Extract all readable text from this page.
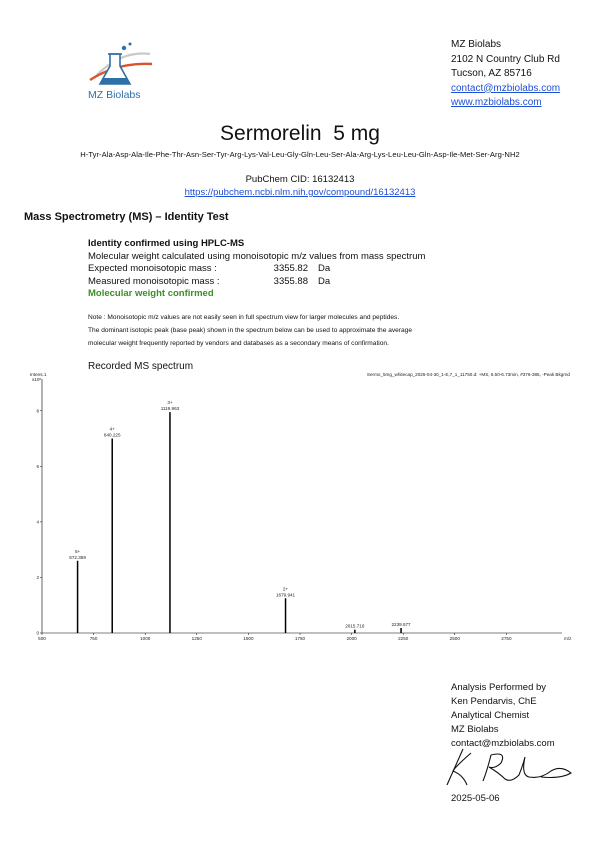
MZ Biolabs
MZ Biolabs
2102 N Country Club Rd
Tucson, AZ 85716
contact@mzbiolabs.com
www.mzbiolabs.com
Sermorelin  5 mg
H-Tyr-Ala-Asp-Ala-Ile-Phe-Thr-Asn-Ser-Tyr-Arg-Lys-Val-Leu-Gly-Gln-Leu-Ser-Ala-Arg-Lys-Leu-Leu-Gln-Asp-Ile-Met-Ser-Arg-NH2
PubChem CID: 16132413
https://pubchem.ncbi.nlm.nih.gov/compound/16132413
Mass Spectrometry (MS) – Identity Test
Identity confirmed using HPLC-MS
Molecular weight calculated using monoisotopic m/z values from mass spectrum
Expected monoisotopic mass :	3355.82 Da
Measured monoisotopic mass :	3355.88 Da
Molecular weight confirmed
Note : Monoisotopic m/z values are not easily seen in full spectrum view for larger molecules and peptides.
The dominant isotopic peak (base peak) shown in the spectrum below can be used to approximate the average
molecular weight frequently reported by vendors and databases as a secondary means of confirmation.
Recorded MS spectrum
Intens. 1
x10⁶
Sermo_5mg_whitecap_2025-04-30_1-E,7_1_11750.d: +MS, 6.50-6.73min, #376-385, -Peak Bkgrnd
0
2
4
6
8
500	750	1000	1250	1500	1750	2000	2250	2500	2750	m/z
672.369
5+
840.225
4+
1119.963
3+
1679.941
2+
2015.716	2239.577
Analysis Performed by
Ken Pendarvis, ChE
Analytical Chemist
MZ Biolabs
contact@mzbiolabs.com
2025-05-06
